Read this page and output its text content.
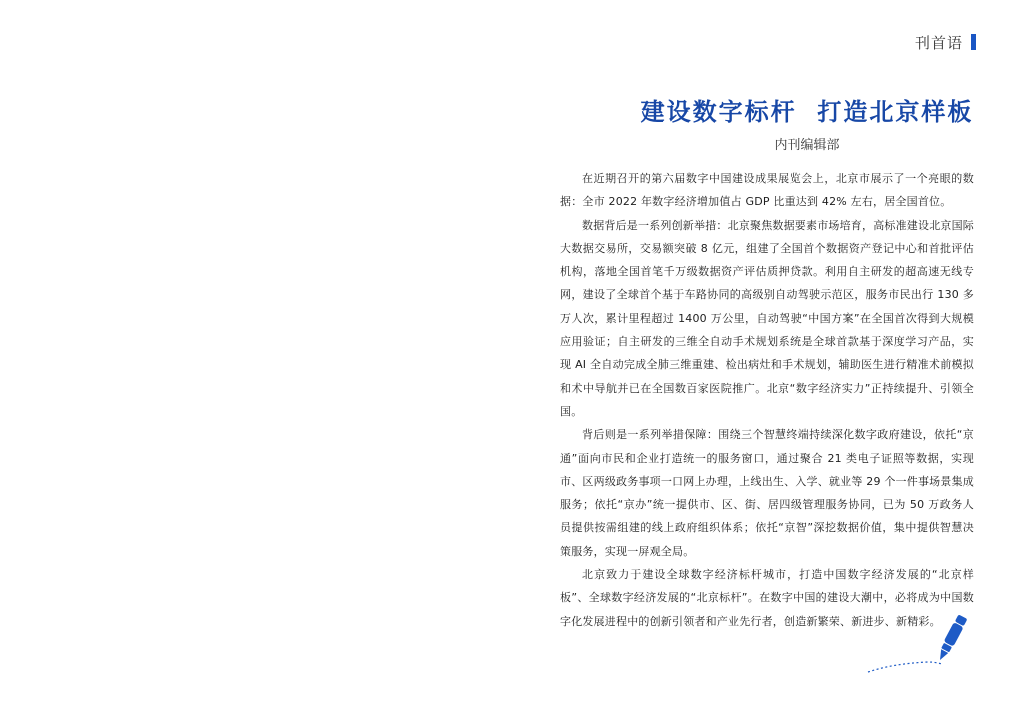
刊首语
建设数字标杆  打造北京样板
内刊编辑部

在近期召开的第六届数字中国建设成果展览会上，北京市展示了一个亮眼的数据：全市 2022 年数字经济增加值占 GDP 比重达到 42% 左右，居全国首位。

数据背后是一系列创新举措：北京聚焦数据要素市场培育，高标准建设北京国际大数据交易所，交易额突破 8 亿元，组建了全国首个数据资产登记中心和首批评估机构，落地全国首笔千万级数据资产评估质押贷款。利用自主研发的超高速无线专网，建设了全球首个基于车路协同的高级别自动驾驶示范区，服务市民出行 130 多万人次，累计里程超过 1400 万公里，自动驾驶“中国方案”在全国首次得到大规模应用验证；自主研发的三维全自动手术规划系统是全球首款基于深度学习产品，实现 AI 全自动完成全肺三维重建、检出病灶和手术规划，辅助医生进行精准术前模拟和术中导航并已在全国数百家医院推广。北京“数字经济实力”正持续提升、引领全国。

背后则是一系列举措保障：围绕三个智慧终端持续深化数字政府建设，依托“京通”面向市民和企业打造统一的服务窗口，通过聚合 21 类电子证照等数据，实现市、区两级政务事项一口网上办理，上线出生、入学、就业等 29 个一件事场景集成服务；依托“京办”统一提供市、区、街、居四级管理服务协同，已为 50 万政务人员提供按需组建的线上政府组织体系；依托“京智”深挖数据价值，集中提供智慧决策服务，实现一屏观全局。

北京致力于建设全球数字经济标杆城市，打造中国数字经济发展的“北京样板”、全球数字经济发展的“北京标杆”。在数字中国的建设大潮中，必将成为中国数字化发展进程中的创新引领者和产业先行者，创造新繁荣、新进步、新精彩。
